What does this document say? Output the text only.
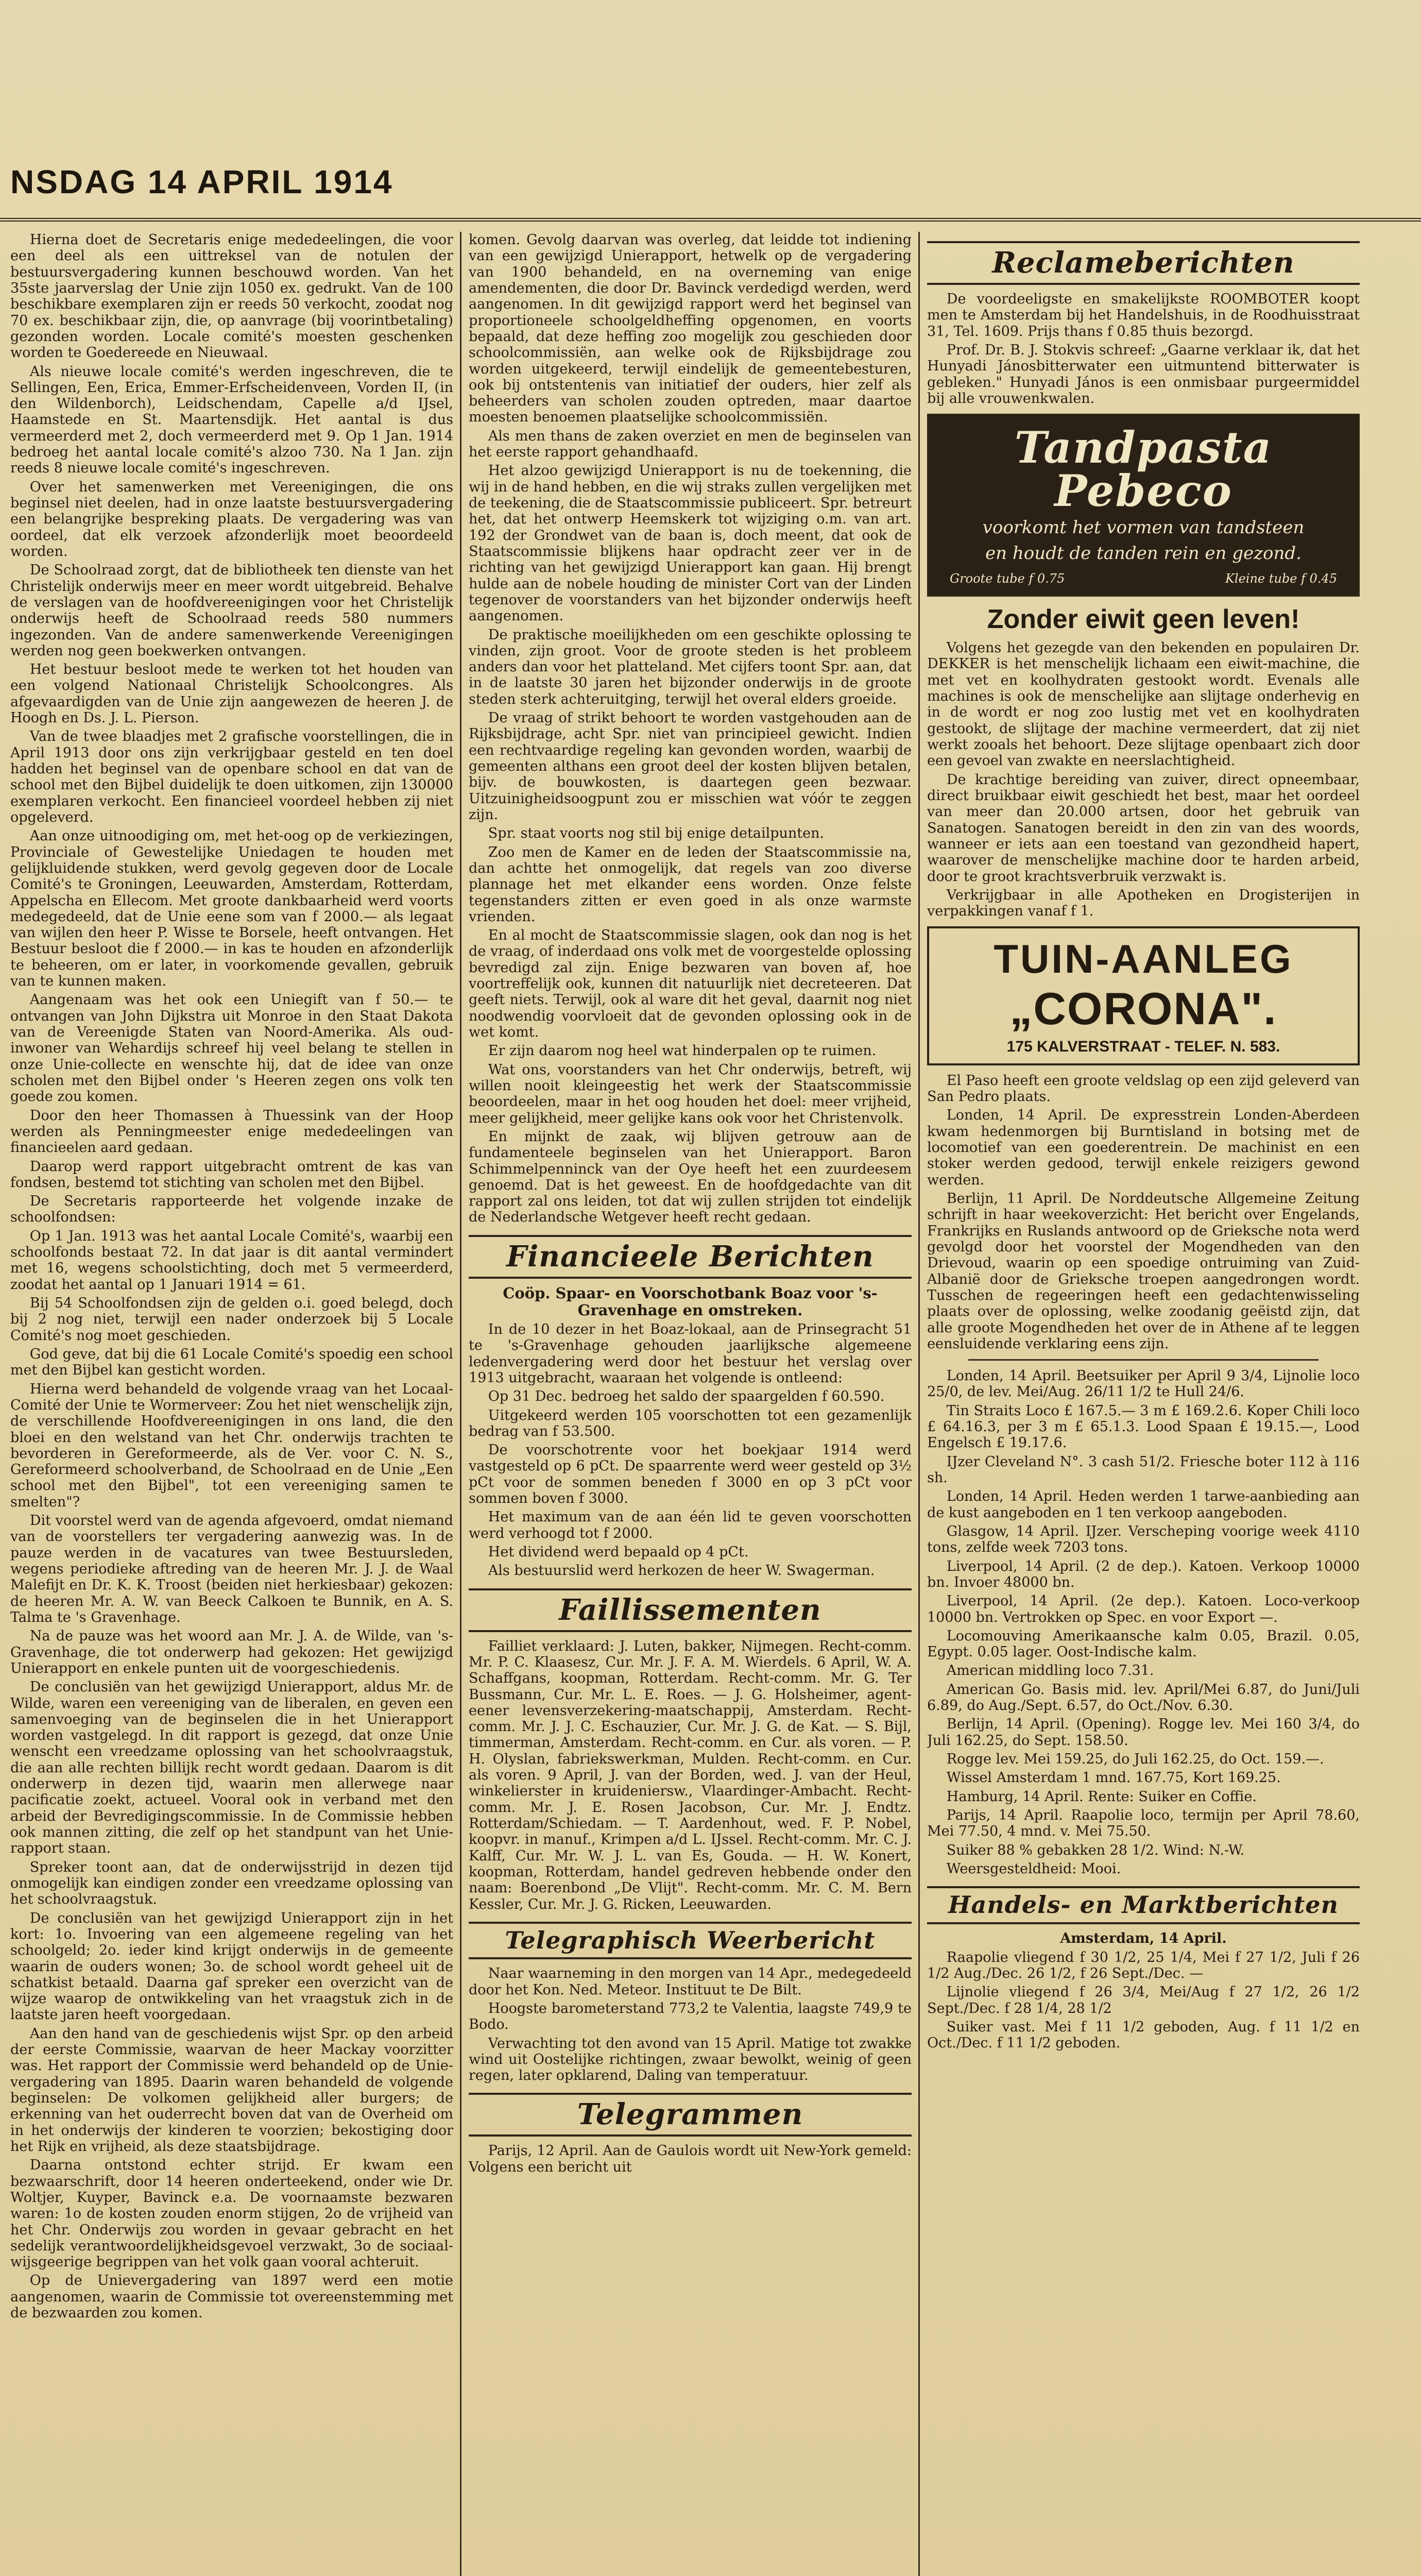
NSDAG 14 APRIL 1914

Hierna doet de Secretaris enige mededeelingen, die voor een deel als een uittreksel van de notulen der bestuursvergadering kunnen beschouwd worden. Van het 35ste jaarverslag der Unie zijn 1050 ex. gedrukt. Van de 100 beschikbare exemplaren zijn er reeds 50 verkocht, zoodat nog 70 ex. beschikbaar zijn, die, op aanvrage (bij voorintbetaling) gezonden worden. Locale comité's moesten geschenken worden te Goedereede en Nieuwaal.

Als nieuwe locale comité's werden ingeschreven, die te Sellingen, Een, Erica, Emmer-Erfscheidenveen, Vorden II, (in den Wildenborch), Leidschendam, Capelle a/d IJsel, Haamstede en St. Maartensdijk. Het aantal is dus vermeerderd met 2, doch vermeerderd met 9. Op 1 Jan. 1914 bedroeg het aantal locale comité's alzoo 730. Na 1 Jan. zijn reeds 8 nieuwe locale comité's ingeschreven.

Over het samenwerken met Vereenigingen, die ons beginsel niet deelen, had in onze laatste bestuursvergadering een belangrijke bespreking plaats. De vergadering was van oordeel, dat elk verzoek afzonderlijk moet beoordeeld worden.

De Schoolraad zorgt, dat de bibliotheek ten dienste van het Christelijk onderwijs meer en meer wordt uitgebreid. Behalve de verslagen van de hoofdvereenigingen voor het Christelijk onderwijs heeft de Schoolraad reeds 580 nummers ingezonden. Van de andere samenwerkende Vereenigingen werden nog geen boekwerken ontvangen.

Het bestuur besloot mede te werken tot het houden van een volgend Nationaal Christelijk Schoolcongres. Als afgevaardigden van de Unie zijn aangewezen de heeren J. de Hoogh en Ds. J. L. Pierson.

Van de twee blaadjes met 2 grafische voorstellingen, die in April 1913 door ons zijn verkrijgbaar gesteld en ten doel hadden het beginsel van de openbare school en dat van de school met den Bijbel duidelijk te doen uitkomen, zijn 130000 exemplaren verkocht. Een financieel voordeel hebben zij niet opgeleverd.

Aan onze uitnoodiging om, met het-oog op de verkiezingen, Provinciale of Gewestelijke Uniedagen te houden met gelijkluidende stukken, werd gevolg gegeven door de Locale Comité's te Groningen, Leeuwarden, Amsterdam, Rotterdam, Appelscha en Ellecom. Met groote dankbaarheid werd voorts medegedeeld, dat de Unie eene som van f 2000.— als legaat van wijlen den heer P. Wisse te Borsele, heeft ontvangen. Het Bestuur besloot die f 2000.— in kas te houden en afzonderlijk te beheeren, om er later, in voorkomende gevallen, gebruik van te kunnen maken.

Aangenaam was het ook een Uniegift van f 50.— te ontvangen van John Dijkstra uit Monroe in den Staat Dakota van de Vereenigde Staten van Noord-Amerika. Als oud-inwoner van Wehardijs schreef hij veel belang te stellen in onze Unie-collecte en wenschte hij, dat de idee van onze scholen met den Bijbel onder 's Heeren zegen ons volk ten goede zou komen.

Door den heer Thomassen à Thuessink van der Hoop werden als Penningmeester enige mededeelingen van financieelen aard gedaan.

Daarop werd rapport uitgebracht omtrent de kas van fondsen, bestemd tot stichting van scholen met den Bijbel.

De Secretaris rapporteerde het volgende inzake de schoolfondsen:

Op 1 Jan. 1913 was het aantal Locale Comité's, waarbij een schoolfonds bestaat 72. In dat jaar is dit aantal vermindert met 16, wegens schoolstichting, doch met 5 vermeerderd, zoodat het aantal op 1 Januari 1914 = 61.

Bij 54 Schoolfondsen zijn de gelden o.i. goed belegd, doch bij 2 nog niet, terwijl een nader onderzoek bij 5 Locale Comité's nog moet geschieden.

God geve, dat bij die 61 Locale Comité's spoedig een school met den Bijbel kan gesticht worden.

Hierna werd behandeld de volgende vraag van het Locaal-Comité der Unie te Wormerveer: Zou het niet wenschelijk zijn, de verschillende Hoofdvereenigingen in ons land, die den bloei en den welstand van het Chr. onderwijs trachten te bevorderen in Gereformeerde, als de Ver. voor C. N. S., Gereformeerd schoolverband, de Schoolraad en de Unie „Een school met den Bijbel", tot een vereeniging samen te smelten"?

Dit voorstel werd van de agenda afgevoerd, omdat niemand van de voorstellers ter vergadering aanwezig was. In de pauze werden in de vacatures van twee Bestuursleden, wegens periodieke aftreding van de heeren Mr. J. J. de Waal Malefijt en Dr. K. K. Troost (beiden niet herkiesbaar) gekozen: de heeren Mr. A. W. van Beeck Calkoen te Bunnik, en A. S. Talma te 's Gravenhage.

Na de pauze was het woord aan Mr. J. A. de Wilde, van 's-Gravenhage, die tot onderwerp had gekozen: Het gewijzigd Unierapport en enkele punten uit de voorgeschiedenis.

De conclusiën van het gewijzigd Unierapport, aldus Mr. de Wilde, waren een vereeniging van de liberalen, en geven een samenvoeging van de beginselen die in het Unierapport worden vastgelegd. In dit rapport is gezegd, dat onze Unie wenscht een vreedzame oplossing van het schoolvraagstuk, die aan alle rechten billijk recht wordt gedaan. Daarom is dit onderwerp in dezen tijd, waarin men allerwege naar pacificatie zoekt, actueel. Vooral ook in verband met den arbeid der Bevredigingscommissie. In de Commissie hebben ook mannen zitting, die zelf op het standpunt van het Unie-rapport staan.

Spreker toont aan, dat de onderwijsstrijd in dezen tijd onmogelijk kan eindigen zonder een vreedzame oplossing van het schoolvraagstuk.

De conclusiën van het gewijzigd Unierapport zijn in het kort: 1o. Invoering van een algemeene regeling van het schoolgeld; 2o. ieder kind krijgt onderwijs in de gemeente waarin de ouders wonen; 3o. de school wordt geheel uit de schatkist betaald. Daarna gaf spreker een overzicht van de wijze waarop de ontwikkeling van het vraagstuk zich in de laatste jaren heeft voorgedaan.

Aan den hand van de geschiedenis wijst Spr. op den arbeid der eerste Commissie, waarvan de heer Mackay voorzitter was. Het rapport der Commissie werd behandeld op de Unie-vergadering van 1895. Daarin waren behandeld de volgende beginselen: De volkomen gelijkheid aller burgers; de erkenning van het ouderrecht boven dat van de Overheid om in het onderwijs der kinderen te voorzien; bekostiging door het Rijk en vrijheid, als deze staatsbijdrage.

Daarna ontstond echter strijd. Er kwam een bezwaarschrift, door 14 heeren onderteekend, onder wie Dr. Woltjer, Kuyper, Bavinck e.a. De voornaamste bezwaren waren: 1o de kosten zouden enorm stijgen, 2o de vrijheid van het Chr. Onderwijs zou worden in gevaar gebracht en het sedelijk verantwoordelijkheidsgevoel verzwakt, 3o de sociaal-wijsgeerige begrippen van het volk gaan vooral achteruit.

Op de Unievergadering van 1897 werd een motie aangenomen, waarin de Commissie tot overeenstemming met de bezwaarden zou komen.

komen. Gevolg daarvan was overleg, dat leidde tot indiening van een gewijzigd Unierapport, hetwelk op de vergadering van 1900 behandeld, en na overneming van enige amendementen, die door Dr. Bavinck verdedigd werden, werd aangenomen. In dit gewijzigd rapport werd het beginsel van proportioneele schoolgeldheffing opgenomen, en voorts bepaald, dat deze heffing zoo mogelijk zou geschieden door schoolcommissiën, aan welke ook de Rijksbijdrage zou worden uitgekeerd, terwijl eindelijk de gemeentebesturen, ook bij ontstentenis van initiatief der ouders, hier zelf als beheerders van scholen zouden optreden, maar daartoe moesten benoemen plaatselijke schoolcommissiën.

Als men thans de zaken overziet en men de beginselen van het eerste rapport gehandhaafd.

Het alzoo gewijzigd Unierapport is nu de toekenning, die wij in de hand hebben, en die wij straks zullen vergelijken met de teekening, die de Staatscommissie publiceert. Spr. betreurt het, dat het ontwerp Heemskerk tot wijziging o.m. van art. 192 der Grondwet van de baan is, doch meent, dat ook de Staatscommissie blijkens haar opdracht zeer ver in de richting van het gewijzigd Unierapport kan gaan. Hij brengt hulde aan de nobele houding de minister Cort van der Linden tegenover de voorstanders van het bijzonder onderwijs heeft aangenomen.

De praktische moeilijkheden om een geschikte oplossing te vinden, zijn groot. Voor de groote steden is het probleem anders dan voor het platteland. Met cijfers toont Spr. aan, dat in de laatste 30 jaren het bijzonder onderwijs in de groote steden sterk achteruitging, terwijl het overal elders groeide.

De vraag of strikt behoort te worden vastgehouden aan de Rijksbijdrage, acht Spr. niet van principieel gewicht. Indien een rechtvaardige regeling kan gevonden worden, waarbij de gemeenten althans een groot deel der kosten blijven betalen, bijv. de bouwkosten, is daartegen geen bezwaar. Uitzuinigheidsoogpunt zou er misschien wat vóór te zeggen zijn.

Spr. staat voorts nog stil bij enige detailpunten.

Zoo men de Kamer en de leden der Staatscommissie na, dan achtte het onmogelijk, dat regels van zoo diverse plannage het met elkander eens worden. Onze felste tegenstanders zitten er even goed in als onze warmste vrienden.

En al mocht de Staatscommissie slagen, ook dan nog is het de vraag, of inderdaad ons volk met de voorgestelde oplossing bevredigd zal zijn. Enige bezwaren van boven af, hoe voortreffelijk ook, kunnen dit natuurlijk niet decreteeren. Dat geeft niets. Terwijl, ook al ware dit het geval, daarnit nog niet noodwendig voorvloeit dat de gevonden oplossing ook in de wet komt.

Er zijn daarom nog heel wat hinderpalen op te ruimen.

Wat ons, voorstanders van het Chr onderwijs, betreft, wij willen nooit kleingeestig het werk der Staatscommissie beoordeelen, maar in het oog houden het doel: meer vrijheid, meer gelijkheid, meer gelijke kans ook voor het Christenvolk.

En mijnkt de zaak, wij blijven getrouw aan de fundamenteele beginselen van het Unierapport. Baron Schimmelpenninck van der Oye heeft het een zuurdeesem genoemd. Dat is het geweest. En de hoofdgedachte van dit rapport zal ons leiden, tot dat wij zullen strijden tot eindelijk de Nederlandsche Wetgever heeft recht gedaan.

Financieele Berichten
Coöp. Spaar- en Voorschotbank Boaz voor 's-Gravenhage en omstreken.

In de 10 dezer in het Boaz-lokaal, aan de Prinsegracht 51 te 's-Gravenhage gehouden jaarlijksche algemeene ledenvergadering werd door het bestuur het verslag over 1913 uitgebracht, waaraan het volgende is ontleend:

Op 31 Dec. bedroeg het saldo der spaargelden f 60.590.

Uitgekeerd werden 105 voorschotten tot een gezamenlijk bedrag van f 53.500.

De voorschotrente voor het boekjaar 1914 werd vastgesteld op 6 pCt. De spaarrente werd weer gesteld op 3½ pCt voor de sommen beneden f 3000 en op 3 pCt voor sommen boven f 3000.

Het maximum van de aan één lid te geven voorschotten werd verhoogd tot f 2000.

Het dividend werd bepaald op 4 pCt.

Als bestuurslid werd herkozen de heer W. Swagerman.

Faillissementen

Failliet verklaard: J. Luten, bakker, Nijmegen. Recht-comm. Mr. P. C. Klaasesz, Cur. Mr. J. F. A. M. Wierdels. 6 April, W. A. Schaffgans, koopman, Rotterdam. Recht-comm. Mr. G. Ter Bussmann, Cur. Mr. L. E. Roes. — J. G. Holsheimer, agent-eener levensverzekering-maatschappij, Amsterdam. Recht-comm. Mr. J. J. C. Eschauzier, Cur. Mr. J. G. de Kat. — S. Bijl, timmerman, Amsterdam. Recht-comm. en Cur. als voren. — P. H. Olyslan, fabriekswerkman, Mulden. Recht-comm. en Cur. als voren. 9 April, J. van der Borden, wed. J. van der Heul, winkelierster in kruideniersw., Vlaardinger-Ambacht. Recht-comm. Mr. J. E. Rosen Jacobson, Cur. Mr. J. Endtz. Rotterdam/Schiedam. — T. Aardenhout, wed. F. P. Nobel, koopvr. in manuf., Krimpen a/d L. IJssel. Recht-comm. Mr. C. J. Kalff, Cur. Mr. W. J. L. van Es, Gouda. — H. W. Konert, koopman, Rotterdam, handel gedreven hebbende onder den naam: Boerenbond „De Vlijt". Recht-comm. Mr. C. M. Bern Kessler, Cur. Mr. J. G. Ricken, Leeuwarden.

Telegraphisch Weerbericht

Naar waarneming in den morgen van 14 Apr., medegedeeld door het Kon. Ned. Meteor. Instituut te De Bilt.

Hoogste barometerstand 773,2 te Valentia, laagste 749,9 te Bodo.

Verwachting tot den avond van 15 April. Matige tot zwakke wind uit Oostelijke richtingen, zwaar bewolkt, weinig of geen regen, later opklarend, Daling van temperatuur.

Telegrammen

Parijs, 12 April. Aan de Gaulois wordt uit New-York gemeld: Volgens een bericht uit

Reclameberichten

De voordeeligste en smakelijkste ROOMBOTER koopt men te Amsterdam bij het Handelshuis, in de Roodhuisstraat 31, Tel. 1609. Prijs thans f 0.85 thuis bezorgd.

Prof. Dr. B. J. Stokvis schreef: „Gaarne verklaar ik, dat het Hunyadi Jánosbitterwater een uitmuntend bitterwater is gebleken." Hunyadi János is een onmisbaar purgeermiddel bij alle vrouwenkwalen.

Tandpasta Pebeco
voorkomt het vormen van tandsteen
en houdt de tanden rein en gezond.
Groote tube f 0.75	Kleine tube f 0.45
Zonder eiwit geen leven!

Volgens het gezegde van den bekenden en populairen Dr. DEKKER is het menschelijk lichaam een eiwit-machine, die met vet en koolhydraten gestookt wordt. Evenals alle machines is ook de menschelijke aan slijtage onderhevig en in de wordt er nog zoo lustig met vet en koolhydraten gestookt, de slijtage der machine vermeerdert, dat zij niet werkt zooals het behoort. Deze slijtage openbaart zich door een gevoel van zwakte en neerslachtigheid.

De krachtige bereiding van zuiver, direct opneembaar, direct bruikbaar eiwit geschiedt het best, maar het oordeel van meer dan 20.000 artsen, door het gebruik van Sanatogen. Sanatogen bereidt in den zin van des woords, wanneer er iets aan een toestand van gezondheid hapert, waarover de menschelijke machine door te harden arbeid, door te groot krachtsverbruik verzwakt is.

Verkrijgbaar in alle Apotheken en Drogisterijen in verpakkingen vanaf f 1.

TUIN-AANLEG
„CORONA".
175 KALVERSTRAAT - TELEF. N. 583.

El Paso heeft een groote veldslag op een zijd geleverd van San Pedro plaats.

Londen, 14 April. De expresstrein Londen-Aberdeen kwam hedenmorgen bij Burntisland in botsing met de locomotief van een goederentrein. De machinist en een stoker werden gedood, terwijl enkele reizigers gewond werden.

Berlijn, 11 April. De Norddeutsche Allgemeine Zeitung schrijft in haar weekoverzicht: Het bericht over Engelands, Frankrijks en Ruslands antwoord op de Grieksche nota werd gevolgd door het voorstel der Mogendheden van den Drievoud, waarin op een spoedige ontruiming van Zuid-Albanië door de Grieksche troepen aangedrongen wordt. Tusschen de regeeringen heeft een gedachtenwisseling plaats over de oplossing, welke zoodanig geëistd zijn, dat alle groote Mogendheden het over de in Athene af te leggen eensluidende verklaring eens zijn.

Londen, 14 April. Beetsuiker per April 9 3/4, Lijnolie loco 25/0, de lev. Mei/Aug. 26/11 1/2 te Hull 24/6.

Tin Straits Loco £ 167.5.— 3 m £ 169.2.6. Koper Chili loco £ 64.16.3, per 3 m £ 65.1.3. Lood Spaan £ 19.15.—, Lood Engelsch £ 19.17.6.

IJzer Cleveland N°. 3 cash 51/2. Friesche boter 112 à 116 sh.

Londen, 14 April. Heden werden 1 tarwe-aanbieding aan de kust aangeboden en 1 ten verkoop aangeboden.

Glasgow, 14 April. IJzer. Verscheping voorige week 4110 tons, zelfde week 7203 tons.

Liverpool, 14 April. (2 de dep.). Katoen. Verkoop 10000 bn. Invoer 48000 bn.

Liverpool, 14 April. (2e dep.). Katoen. Loco-verkoop 10000 bn. Vertrokken op Spec. en voor Export —.

Locomouving Amerikaansche kalm 0.05, Brazil. 0.05, Egypt. 0.05 lager. Oost-Indische kalm.

American middling loco 7.31.

American Go. Basis mid. lev. April/Mei 6.87, do Juni/Juli 6.89, do Aug./Sept. 6.57, do Oct./Nov. 6.30.

Berlijn, 14 April. (Opening). Rogge lev. Mei 160 3/4, do Juli 162.25, do Sept. 158.50.

Rogge lev. Mei 159.25, do Juli 162.25, do Oct. 159.—.

Wissel Amsterdam 1 mnd. 167.75, Kort 169.25.

Hamburg, 14 April. Rente: Suiker en Coffie.

Parijs, 14 April. Raapolie loco, termijn per April 78.60, Mei 77.50, 4 mnd. v. Mei 75.50.

Suiker 88 % gebakken 28 1/2. Wind: N.-W.

Weersgesteldheid: Mooi.

Handels- en Marktberichten
Amsterdam, 14 April.

Raapolie vliegend f 30 1/2, 25 1/4, Mei f 27 1/2, Juli f 26 1/2 Aug./Dec. 26 1/2, f 26 Sept./Dec. —

Lijnolie vliegend f 26 3/4, Mei/Aug f 27 1/2, 26 1/2 Sept./Dec. f 28 1/4, 28 1/2

Suiker vast. Mei f 11 1/2 geboden, Aug. f 11 1/2 en Oct./Dec. f 11 1/2 geboden.
